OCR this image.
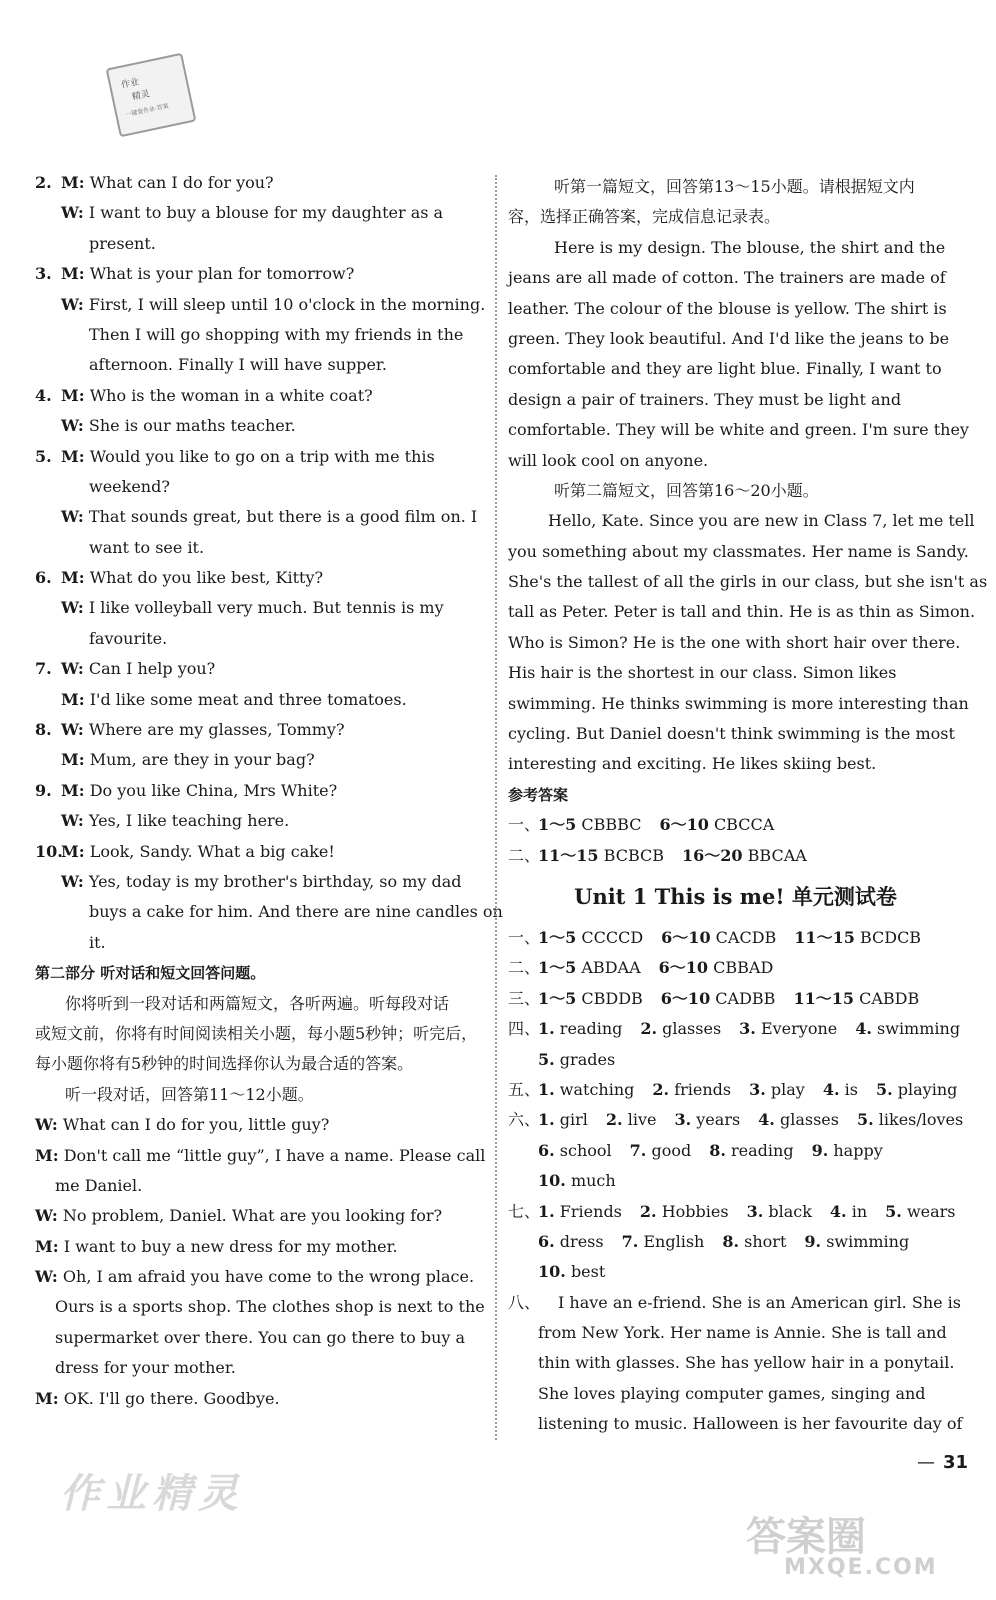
作业
精灵
一键查作业·答案
2. M: What can I do for you?
W: I want to buy a blouse for my daughter as a
present.
3. M: What is your plan for tomorrow?
W: First, I will sleep until 10 o'clock in the morning.
Then I will go shopping with my friends in the
afternoon. Finally I will have supper.
4. M: Who is the woman in a white coat?
W: She is our maths teacher.
5. M: Would you like to go on a trip with me this
weekend?
W: That sounds great, but there is a good film on. I
want to see it.
6. M: What do you like best, Kitty?
W: I like volleyball very much. But tennis is my
favourite.
7. W: Can I help you?
M: I'd like some meat and three tomatoes.
8. W: Where are my glasses, Tommy?
M: Mum, are they in your bag?
9. M: Do you like China, Mrs White?
W: Yes, I like teaching here.
10.M: Look, Sandy. What a big cake!
W: Yes, today is my brother's birthday, so my dad
buys a cake for him. And there are nine candles on
it.
第二部分 听对话和短文回答问题。
你将听到一段对话和两篇短文，各听两遍。听每段对话
或短文前，你将有时间阅读相关小题，每小题5秒钟；听完后，
每小题你将有5秒钟的时间选择你认为最合适的答案。
听一段对话，回答第11～12小题。
W: What can I do for you, little guy?
M: Don't call me “little guy”, I have a name. Please call
me Daniel.
W: No problem, Daniel. What are you looking for?
M: I want to buy a new dress for my mother.
W: Oh, I am afraid you have come to the wrong place.
Ours is a sports shop. The clothes shop is next to the
supermarket over there. You can go there to buy a
dress for your mother.
M: OK. I'll go there. Goodbye.
听第一篇短文，回答第13～15小题。请根据短文内
容，选择正确答案，完成信息记录表。
Here is my design. The blouse, the shirt and the
jeans are all made of cotton. The trainers are made of
leather. The colour of the blouse is yellow. The shirt is
green. They look beautiful. And I'd like the jeans to be
comfortable and they are light blue. Finally, I want to
design a pair of trainers. They must be light and
comfortable. They will be white and green. I'm sure they
will look cool on anyone.
听第二篇短文，回答第16～20小题。
Hello, Kate. Since you are new in Class 7, let me tell
you something about my classmates. Her name is Sandy.
She's the tallest of all the girls in our class, but she isn't as
tall as Peter. Peter is tall and thin. He is as thin as Simon.
Who is Simon? He is the one with short hair over there.
His hair is the shortest in our class. Simon likes
swimming. He thinks swimming is more interesting than
cycling. But Daniel doesn't think swimming is the most
interesting and exciting. He likes skiing best.
参考答案
一、1～5 CBBBC 6～10 CBCCA
二、11～15 BCBCB 16～20 BBCAA
Unit 1 This is me! 单元测试卷
一、1～5 CCCCD 6～10 CACDB 11～15 BCDCB
二、1～5 ABDAA 6～10 CBBAD
三、1～5 CBDDB 6～10 CADBB 11～15 CABDB
四、1. reading 2. glasses 3. Everyone 4. swimming
5. grades
五、1. watching 2. friends 3. play 4. is 5. playing
六、1. girl 2. live 3. years 4. glasses 5. likes/loves
6. school 7. good 8. reading 9. happy
10. much
七、1. Friends 2. Hobbies 3. black 4. in 5. wears
6. dress 7. English 8. short 9. swimming
10. best
八、 I have an e-friend. She is an American girl. She is
from New York. Her name is Annie. She is tall and
thin with glasses. She has yellow hair in a ponytail.
She loves playing computer games, singing and
listening to music. Halloween is her favourite day of
作业精灵
答案圈
MXQE.COM
— 31
